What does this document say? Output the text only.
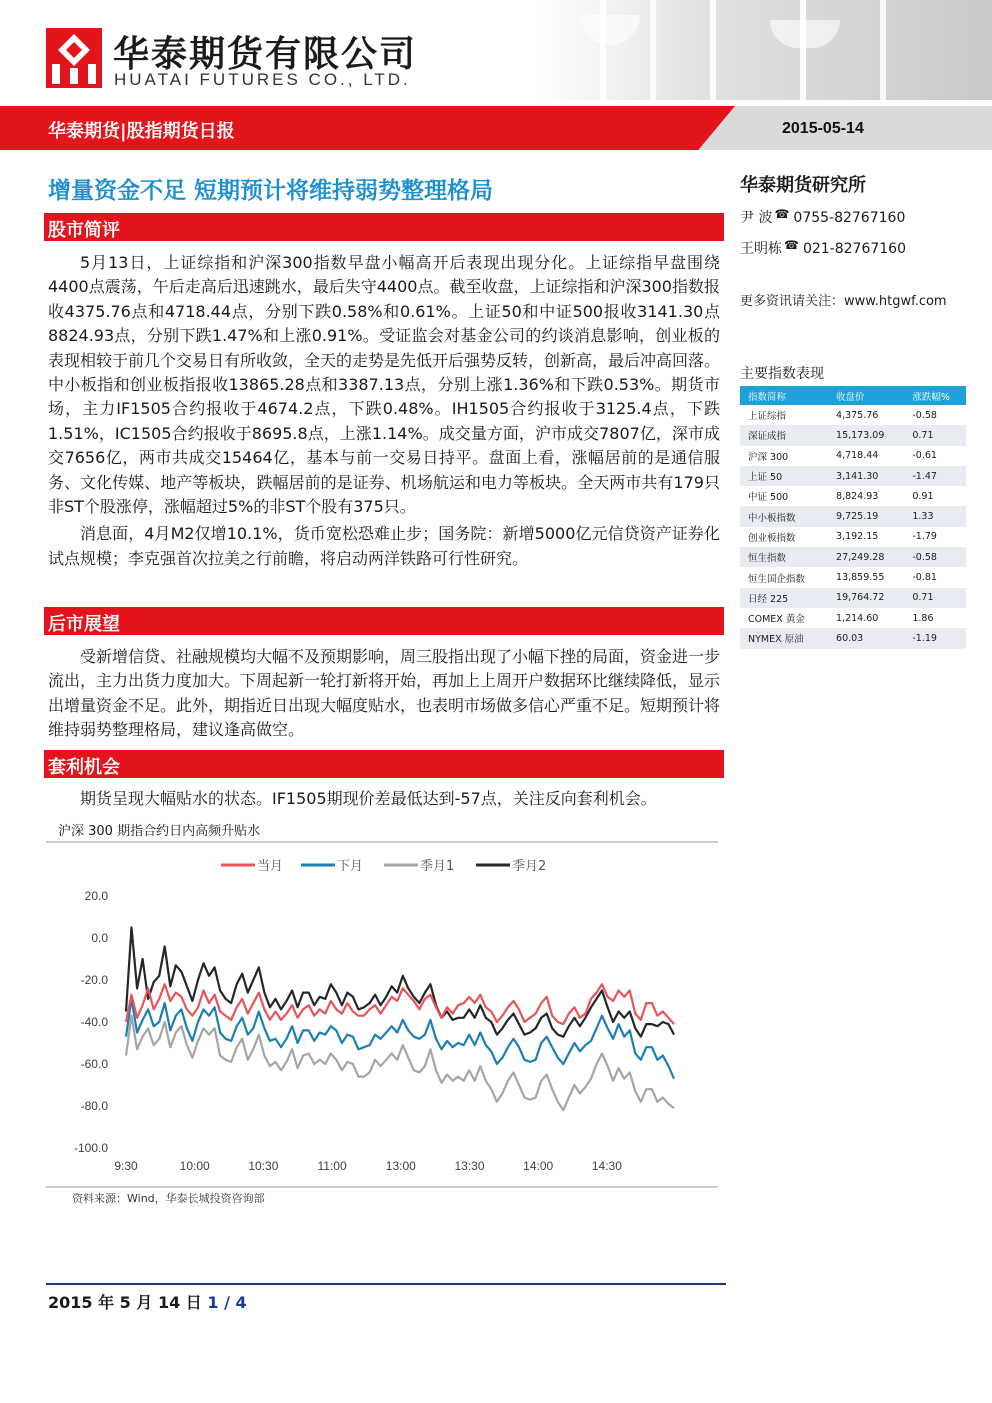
华泰期货有限公司
HUATAI FUTURES CO., LTD.
华泰期货|股指期货日报	2015-05-14
增量资金不足 短期预计将维持弱势整理格局
股市简评

5月13日，上证综指和沪深300指数早盘小幅高开后表现出现分化。上证综指早盘围绕4400点震荡，午后走高后迅速跳水，最后失守4400点。截至收盘，上证综指和沪深300指数报收4375.76点和4718.44点，分别下跌0.58%和0.61%。上证50和中证500报收3141.30点8824.93点，分别下跌1.47%和上涨0.91%。受证监会对基金公司的约谈消息影响，创业板的表现相较于前几个交易日有所收敛，全天的走势是先低开后强势反转，创新高，最后冲高回落。中小板指和创业板指报收13865.28点和3387.13点，分别上涨1.36%和下跌0.53%。期货市场，主力IF1505合约报收于4674.2点，下跌0.48%。IH1505合约报收于3125.4点，下跌1.51%，IC1505合约报收于8695.8点，上涨1.14%。成交量方面，沪市成交7807亿，深市成交7656亿，两市共成交15464亿，基本与前一交易日持平。盘面上看，涨幅居前的是通信服务、文化传媒、地产等板块，跌幅居前的是证券、机场航运和电力等板块。全天两市共有179只非ST个股涨停，涨幅超过5%的非ST个股有375只。

消息面，4月M2仅增10.1%，货币宽松恐难止步；国务院：新增5000亿元信贷资产证券化试点规模；李克强首次拉美之行前瞻，将启动两洋铁路可行性研究。

后市展望

受新增信贷、社融规模均大幅不及预期影响，周三股指出现了小幅下挫的局面，资金进一步流出，主力出货力度加大。下周起新一轮打新将开始，再加上上周开户数据环比继续降低，显示出增量资金不足。此外，期指近日出现大幅度贴水，也表明市场做多信心严重不足。短期预计将维持弱势整理格局，建议逢高做空。

套利机会

期货呈现大幅贴水的状态。IF1505期现价差最低达到-57点，关注反向套利机会。

沪深 300 期指合约日内高频升贴水
20.0
0.0
-20.0
-40.0
-60.0
-80.0
-100.0
9:30	10:00	10:30	11:00	13:00	13:30	14:00	14:30
当月	下月	季月1	季月2
资料来源：Wind，华泰长城投资咨询部
华泰期货研究所
尹 波 ☎ 0755-82767160
王明栋 ☎ 021-82767160
更多资讯请关注：www.htgwf.com
主要指数表现
指数简称	收盘价	涨跌幅%
上证综指	4,375.76	-0.58
深证成指	15,173.09	0.71
沪深 300	4,718.44	-0.61
上证 50	3,141.30	-1.47
中证 500	8,824.93	0.91
中小板指数	9,725.19	1.33
创业板指数	3,192.15	-1.79
恒生指数	27,249.28	-0.58
恒生国企指数	13,859.55	-0.81
日经 225	19,764.72	0.71
COMEX 黄金	1,214.60	1.86
NYMEX 原油	60.03	-1.19
2015 年 5 月 14 日 1 / 4
